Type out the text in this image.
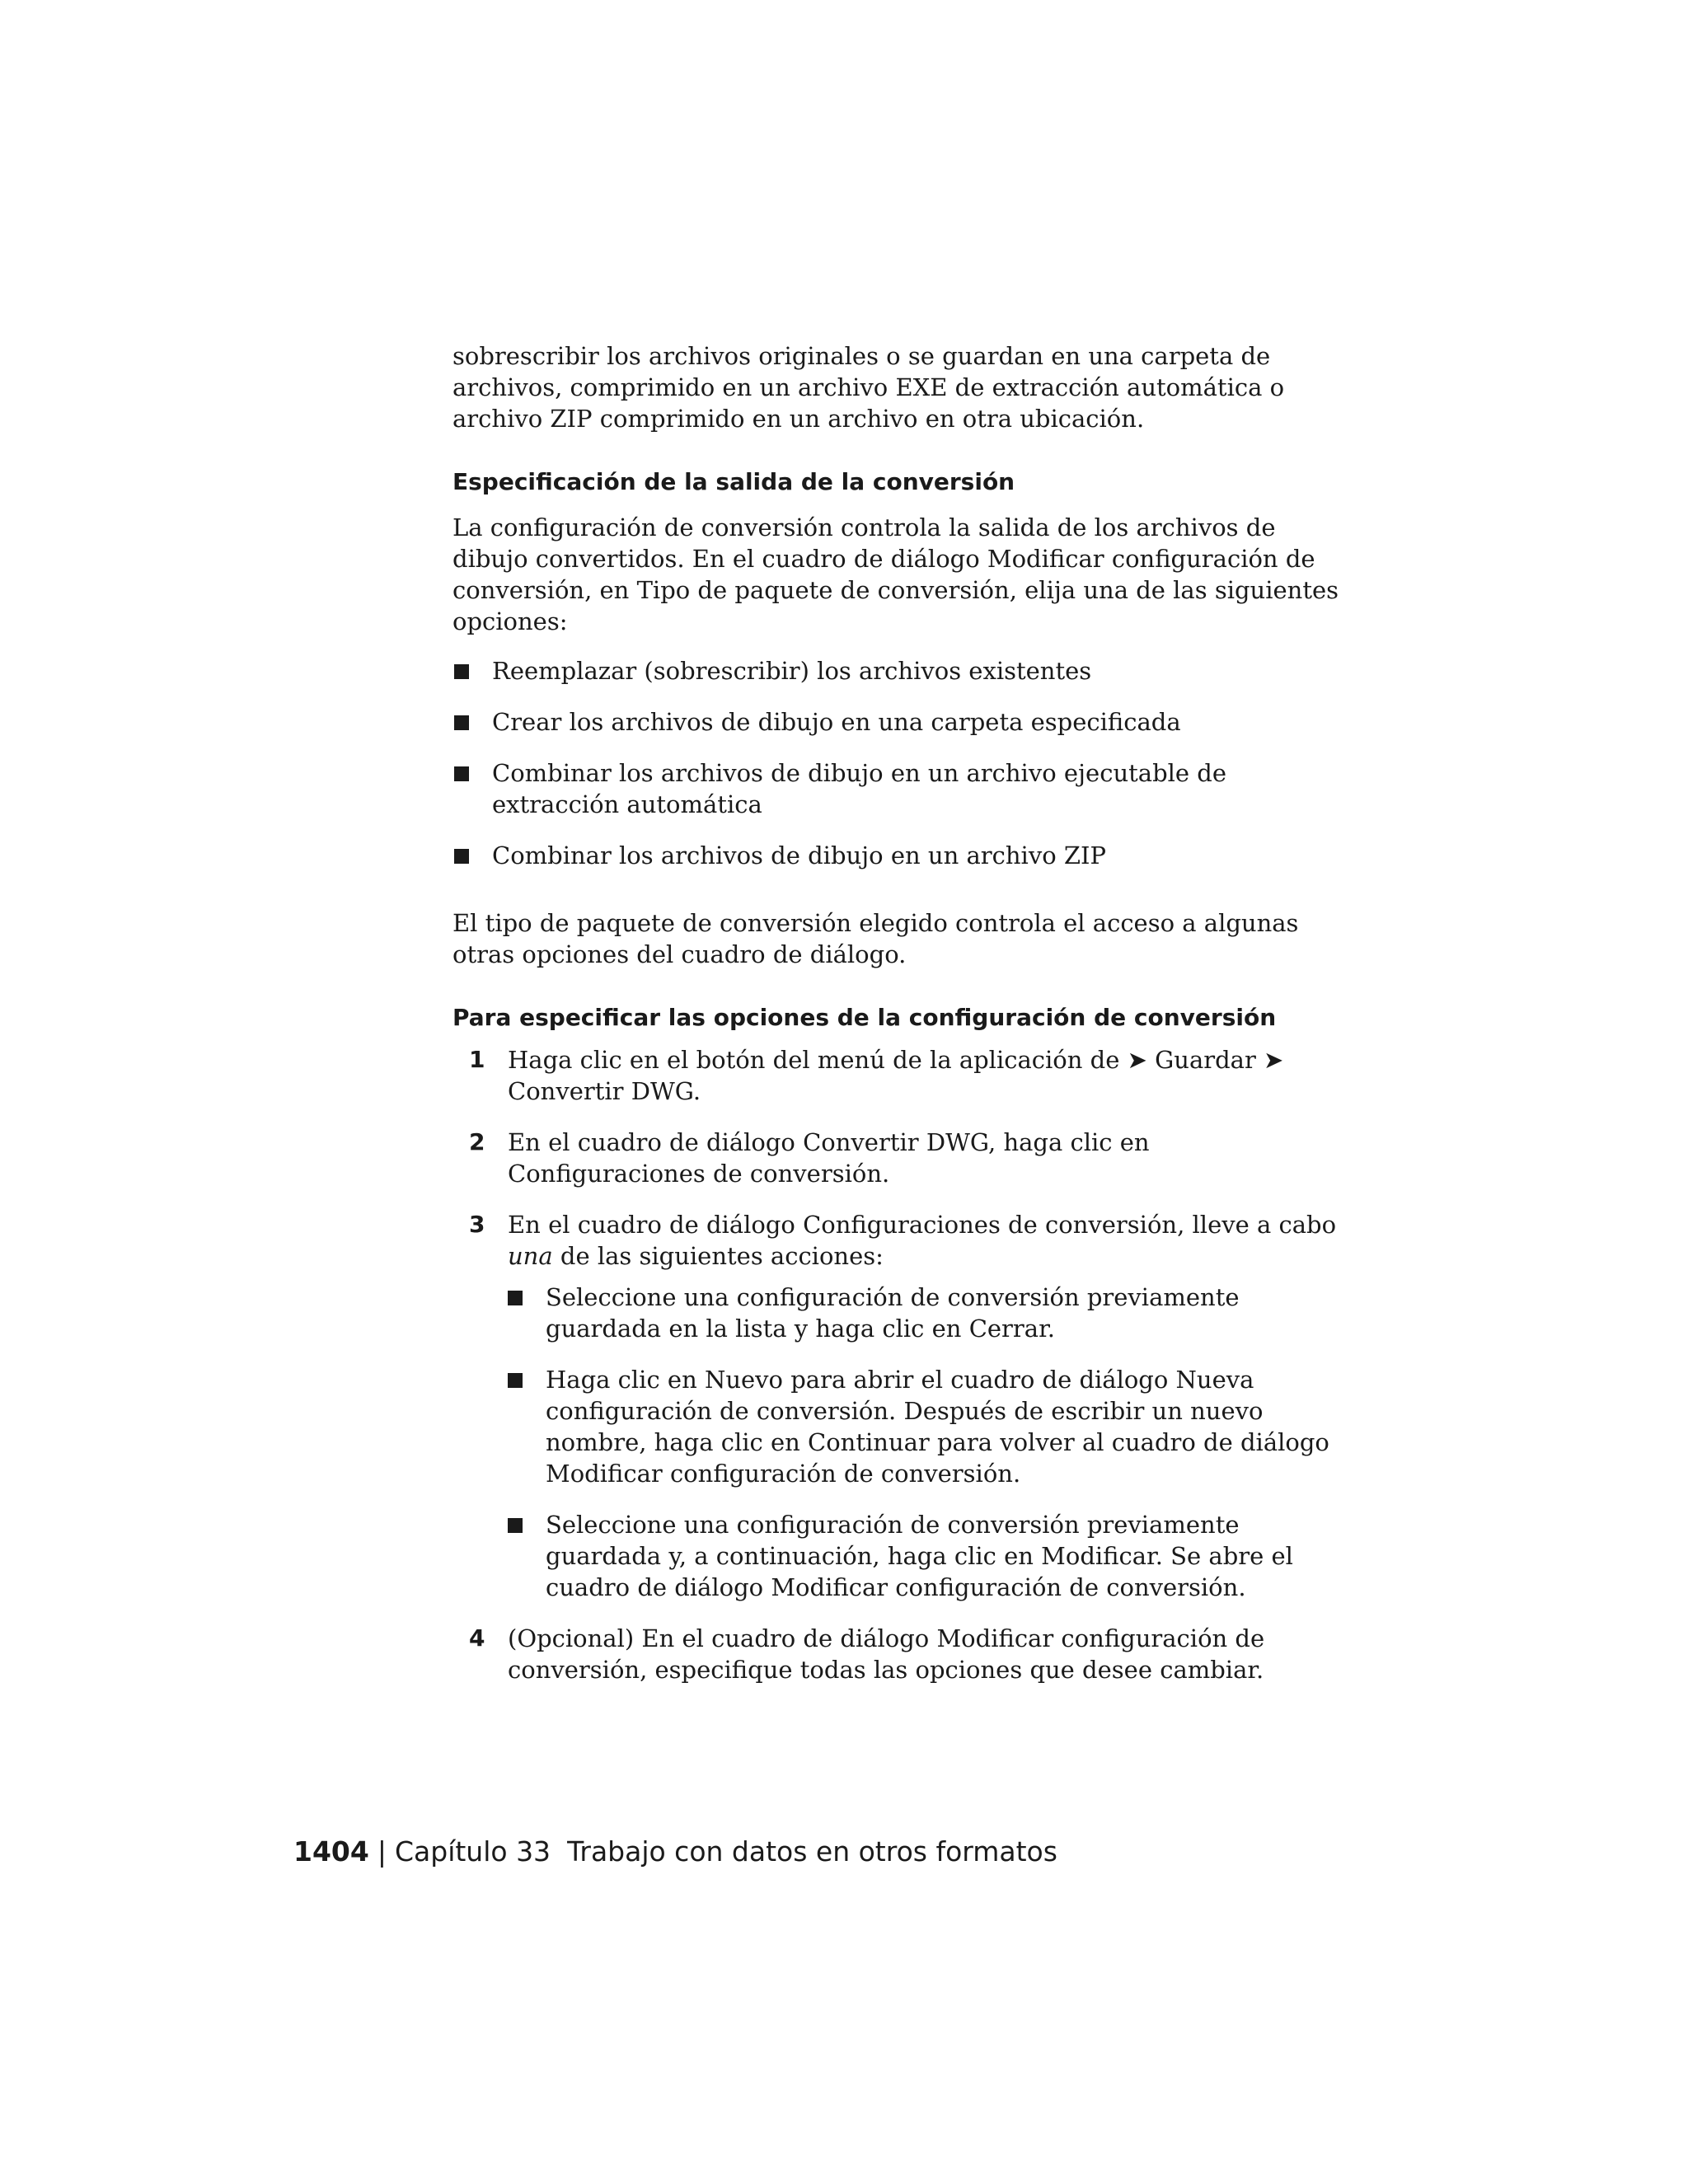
sobrescribir los archivos originales o se guardan en una carpeta de archivos, comprimido en un archivo EXE de extracción automática o archivo ZIP comprimido en un archivo en otra ubicación.

Especificación de la salida de la conversión

La configuración de conversión controla la salida de los archivos de dibujo convertidos. En el cuadro de diálogo Modificar configuración de conversión, en Tipo de paquete de conversión, elija una de las siguientes opciones:

Reemplazar (sobrescribir) los archivos existentes
Crear los archivos de dibujo en una carpeta especificada
Combinar los archivos de dibujo en un archivo ejecutable de extracción automática
Combinar los archivos de dibujo en un archivo ZIP

El tipo de paquete de conversión elegido controla el acceso a algunas otras opciones del cuadro de diálogo.

Para especificar las opciones de la configuración de conversión
1 Haga clic en el botón del menú de la aplicación de ➤ Guardar ➤ Convertir DWG.
2 En el cuadro de diálogo Convertir DWG, haga clic en Configuraciones de conversión.
3 En el cuadro de diálogo Configuraciones de conversión, lleve a cabo una de las siguientes acciones:

Seleccione una configuración de conversión previamente guardada en la lista y haga clic en Cerrar.
Haga clic en Nuevo para abrir el cuadro de diálogo Nueva configuración de conversión. Después de escribir un nuevo nombre, haga clic en Continuar para volver al cuadro de diálogo Modificar configuración de conversión.
Seleccione una configuración de conversión previamente guardada y, a continuación, haga clic en Modificar. Se abre el cuadro de diálogo Modificar configuración de conversión.
4 (Opcional) En el cuadro de diálogo Modificar configuración de conversión, especifique todas las opciones que desee cambiar.
1404 | Capítulo 33 Trabajo con datos en otros formatos
